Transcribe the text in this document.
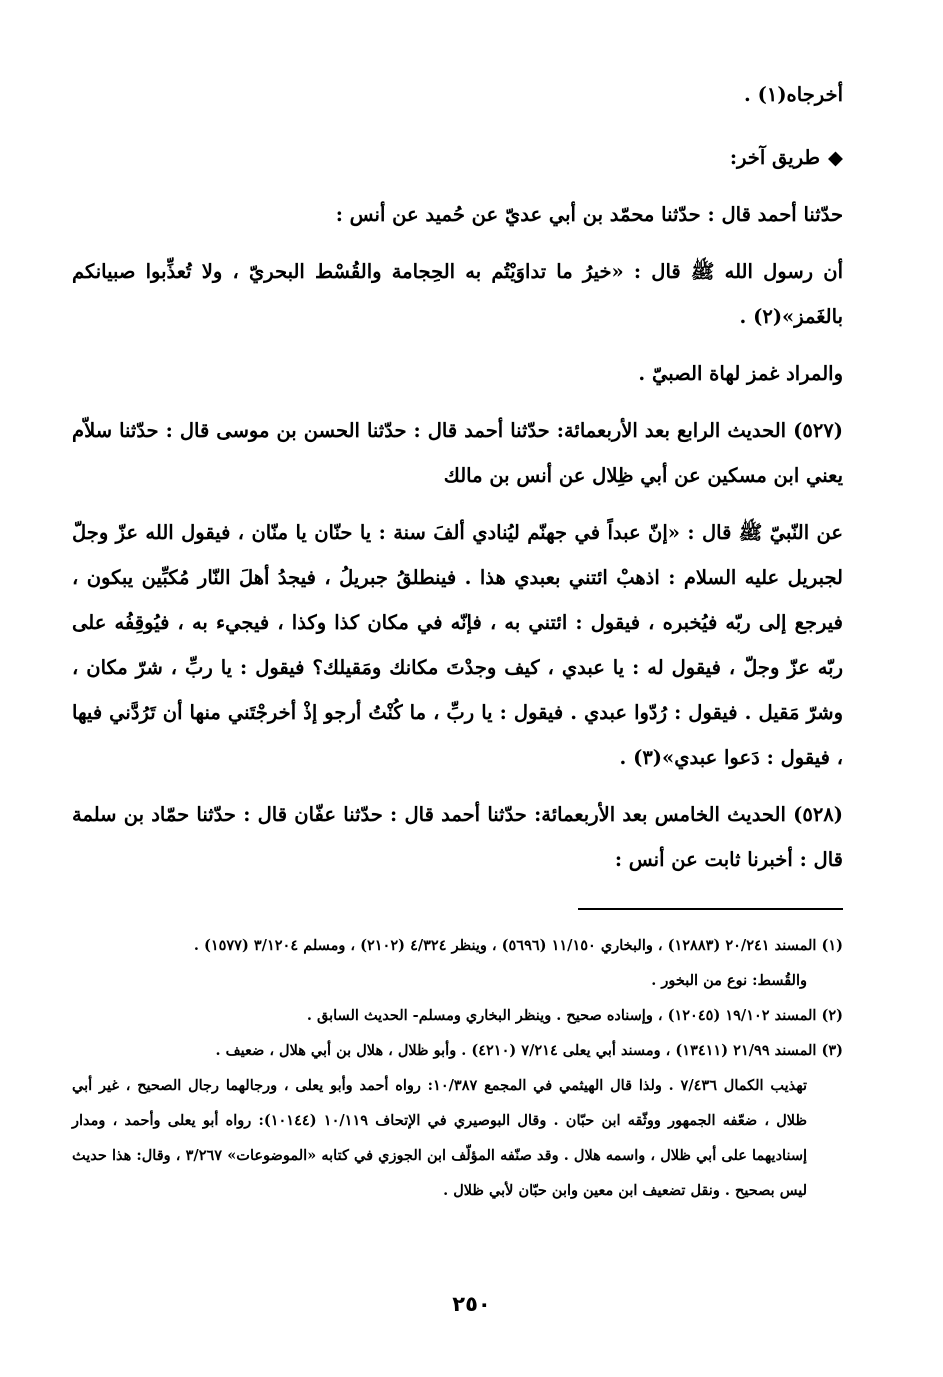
أخرجاه(١) .

◆طريق آخر:

حدّثنا أحمد قال : حدّثنا محمّد بن أبي عديّ عن حُميد عن أنس :

أن رسول الله ﷺ قال : «خيرُ ما تداوَيْتُم به الحِجامة والقُسْط البحريّ ، ولا تُعذِّبوا صبيانكم بالغَمز»(٢) .

والمراد غمز لهاة الصبيّ .

(٥٢٧) الحديث الرابع بعد الأربعمائة: حدّثنا أحمد قال : حدّثنا الحسن بن موسى قال : حدّثنا سلاّم يعني ابن مسكين عن أبي ظِلال عن أنس بن مالك

عن النّبيّ ﷺ قال : «إنّ عبداً في جهنّم ليُنادي ألفَ سنة : يا حنّان يا منّان ، فيقول الله عزّ وجلّ لجبريل عليه السلام : اذهبْ ائتني بعبدي هذا . فينطلقُ جبريلُ ، فيجدُ أهلَ النّار مُكبِّين يبكون ، فيرجع إلى ربّه فيُخبره ، فيقول : ائتني به ، فإنّه في مكان كذا وكذا ، فيجيء به ، فيُوقِفُه على ربّه عزّ وجلّ ، فيقول له : يا عبدي ، كيف وجدْتَ مكانك ومَقيلك؟ فيقول : يا ربِّ ، شرّ مكان ، وشرّ مَقيل . فيقول : رُدّوا عبدي . فيقول : يا ربِّ ، ما كُنْتُ أرجو إذْ أخرجْتَني منها أن تَرُدَّني فيها ، فيقول : دَعوا عبدي»(٣) .

(٥٢٨) الحديث الخامس بعد الأربعمائة: حدّثنا أحمد قال : حدّثنا عفّان قال : حدّثنا حمّاد بن سلمة قال : أخبرنا ثابت عن أنس :

(١) المسند ٢٠/٢٤١ (١٢٨٨٣) ، والبخاري ١١/١٥٠ (٥٦٩٦) ، وينظر ٤/٣٢٤ (٢١٠٢) ، ومسلم ٣/١٢٠٤ (١٥٧٧) .

والقُسط: نوع من البخور .

(٢) المسند ١٩/١٠٢ (١٢٠٤٥) ، وإسناده صحيح . وينظر البخاري ومسلم- الحديث السابق .

(٣) المسند ٢١/٩٩ (١٣٤١١) ، ومسند أبي يعلى ٧/٢١٤ (٤٢١٠) . وأبو ظلال ، هلال بن أبي هلال ، ضعيف .

تهذيب الكمال ٧/٤٣٦ . ولذا قال الهيثمي في المجمع ١٠/٣٨٧: رواه أحمد وأبو يعلى ، ورجالهما رجال الصحيح ، غير أبي ظلال ، ضعّفه الجمهور ووثّقه ابن حبّان . وقال البوصيري في الإتحاف ١٠/١١٩ (١٠١٤٤): رواه أبو يعلى وأحمد ، ومدار إسناديهما على أبي ظلال ، واسمه هلال . وقد صنّفه المؤلّف ابن الجوزي في كتابه «الموضوعات» ٣/٢٦٧ ، وقال: هذا حديث ليس بصحيح . ونقل تضعيف ابن معين وابن حبّان لأبي ظلال .

٢٥٠
